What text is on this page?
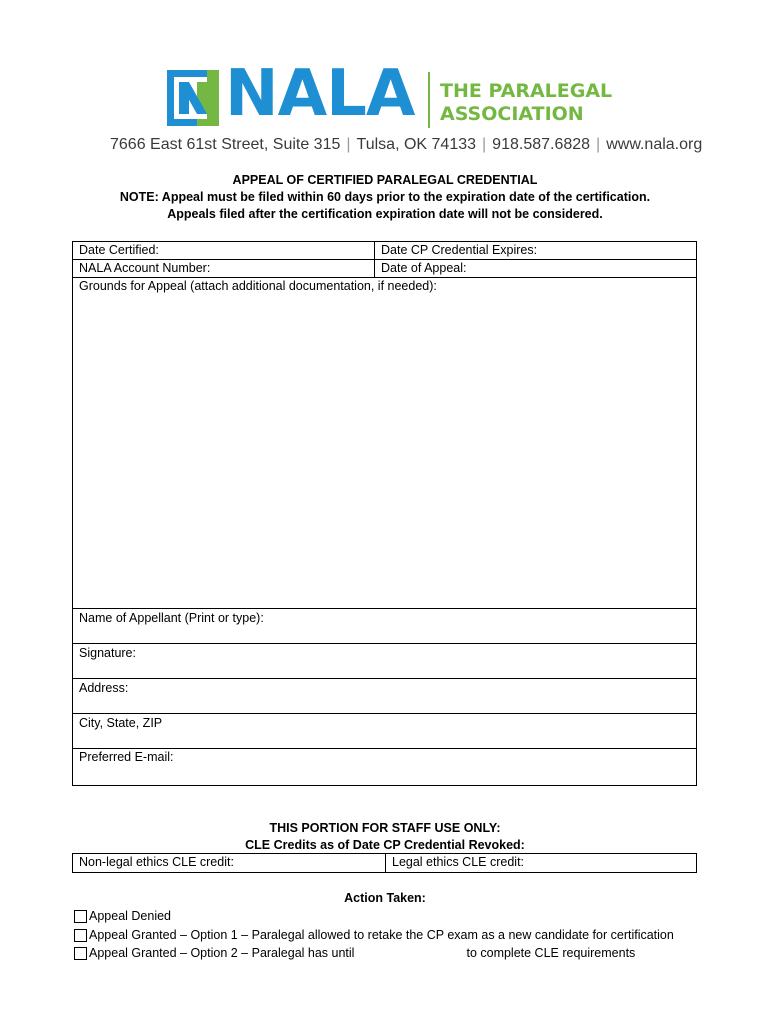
NALA THE PARALEGAL
ASSOCIATION
7666 East 61st Street, Suite 315 | Tulsa, OK 74133 | 918.587.6828 | www.nala.org
APPEAL OF CERTIFIED PARALEGAL CREDENTIAL
NOTE: Appeal must be filed within 60 days prior to the expiration date of the certification.
Appeals filed after the certification expiration date will not be considered.
Date Certified:	Date CP Credential Expires:
NALA Account Number:	Date of Appeal:
Grounds for Appeal (attach additional documentation, if needed):
Name of Appellant (Print or type):
Signature:
Address:
City, State, ZIP
Preferred E-mail:
THIS PORTION FOR STAFF USE ONLY:
CLE Credits as of Date CP Credential Revoked:
Non-legal ethics CLE credit:	Legal ethics CLE credit:
Action Taken:
Appeal Denied
Appeal Granted – Option 1 – Paralegal allowed to retake the CP exam as a new candidate for certification
Appeal Granted – Option 2 – Paralegal has until	to complete CLE requirements
